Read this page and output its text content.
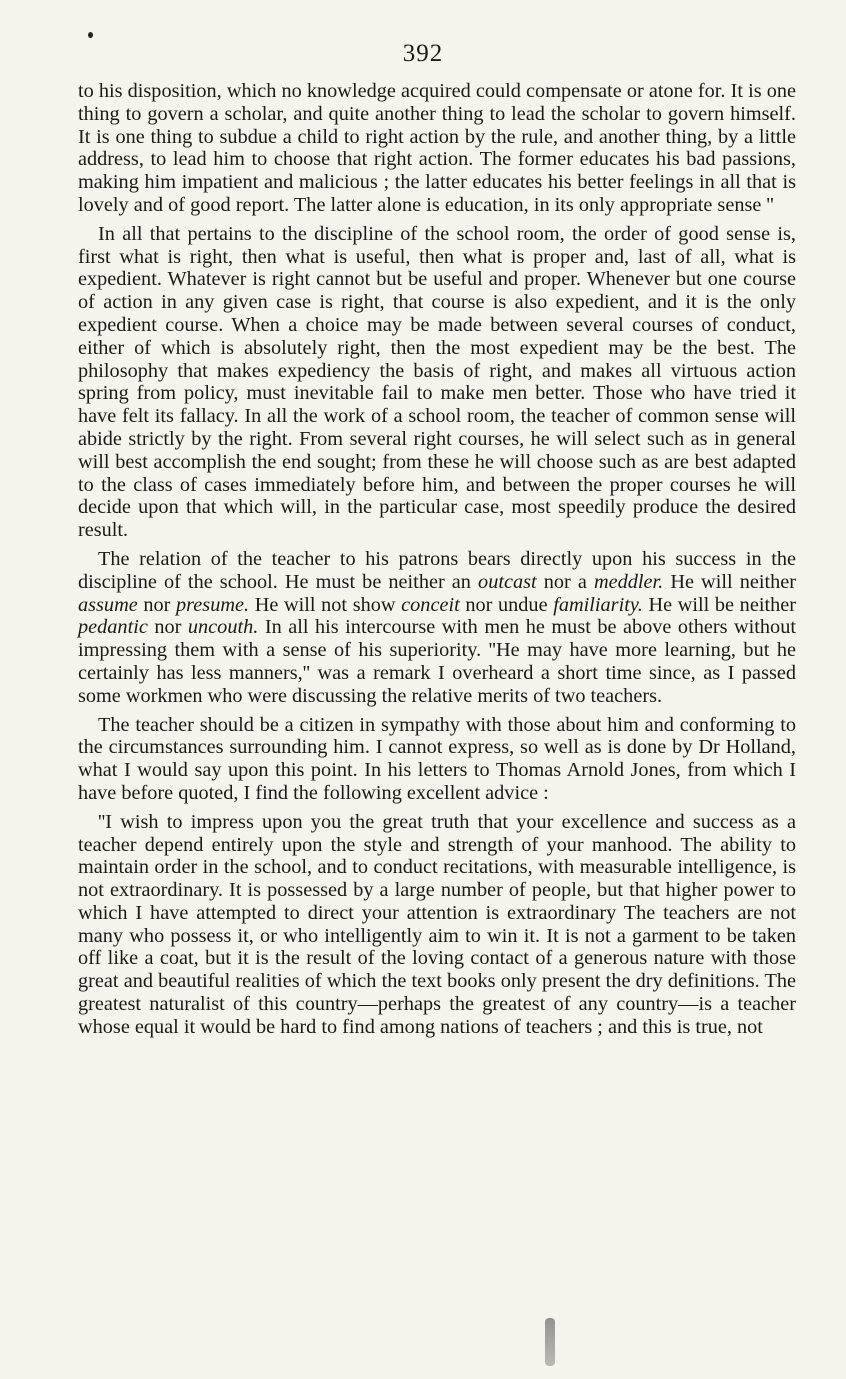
392

to his disposition, which no knowledge acquired could compensate or atone for. It is one thing to govern a scholar, and quite another thing to lead the scholar to govern himself. It is one thing to subdue a child to right action by the rule, and another thing, by a little address, to lead him to choose that right action. The former educates his bad passions, making him impatient and malicious ; the latter educates his better feelings in all that is lovely and of good report. The latter alone is education, in its only appropriate sense ''

In all that pertains to the discipline of the school room, the order of good sense is, first what is right, then what is useful, then what is proper and, last of all, what is expedient. Whatever is right cannot but be useful and proper. Whenever but one course of action in any given case is right, that course is also expedient, and it is the only expedient course. When a choice may be made between several courses of conduct, either of which is absolutely right, then the most expedient may be the best. The philosophy that makes expediency the basis of right, and makes all virtuous action spring from policy, must inevitable fail to make men better. Those who have tried it have felt its fallacy. In all the work of a school room, the teacher of common sense will abide strictly by the right. From several right courses, he will select such as in general will best accomplish the end sought; from these he will choose such as are best adapted to the class of cases immediately before him, and between the proper courses he will decide upon that which will, in the particular case, most speedily produce the desired result.

The relation of the teacher to his patrons bears directly upon his success in the discipline of the school. He must be neither an outcast nor a meddler. He will neither assume nor presume. He will not show conceit nor undue familiarity. He will be neither pedantic nor uncouth. In all his intercourse with men he must be above others without impressing them with a sense of his superiority. ''He may have more learning, but he certainly has less manners,'' was a remark I overheard a short time since, as I passed some workmen who were discussing the relative merits of two teachers.

The teacher should be a citizen in sympathy with those about him and conforming to the circumstances surrounding him. I cannot express, so well as is done by Dr Holland, what I would say upon this point. In his letters to Thomas Arnold Jones, from which I have before quoted, I find the following excellent advice :

''I wish to impress upon you the great truth that your excellence and success as a teacher depend entirely upon the style and strength of your manhood. The ability to maintain order in the school, and to conduct recitations, with measurable intelligence, is not extraordinary. It is possessed by a large number of people, but that higher power to which I have attempted to direct your attention is extraordinary The teachers are not many who possess it, or who intelligently aim to win it. It is not a garment to be taken off like a coat, but it is the result of the loving contact of a generous nature with those great and beautiful realities of which the text books only present the dry definitions. The greatest naturalist of this country—perhaps the greatest of any country—is a teacher whose equal it would be hard to find among nations of teachers ; and this is true, not
